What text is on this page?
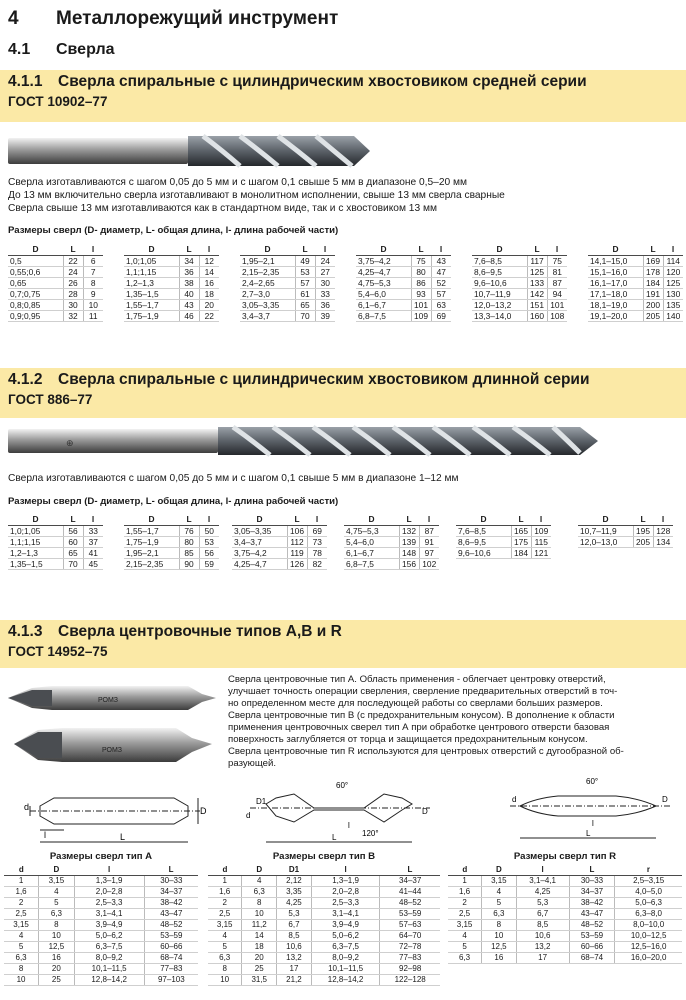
4 Металлорежущий инструмент
4.1 Сверла
4.1.1 Сверла спиральные с цилиндрическим хвостовиком средней серии
ГОСТ 10902–77
Сверла изготавливаются с шагом 0,05 до 5 мм и с шагом 0,1 свыше 5 мм в диапазоне 0,5–20 мм
До 13 мм включительно сверла изготавливают в монолитном исполнении, свыше 13 мм сверла сварные
Сверла свыше 13 мм изготавливаются как в стандартном виде, так и с хвостовиком 13 мм
Размеры сверл (D- диаметр, L- общая длина, l- длина рабочей части)
D	L	l
0,5	22	6
0,55;0,6	24	7
0,65	26	8
0,7;0,75	28	9
0,8;0,85	30	10
0,9;0,95	32	11
D	L	l
1,0;1,05	34	12
1,1;1,15	36	14
1,2–1,3	38	16
1,35–1,5	40	18
1,55–1,7	43	20
1,75–1,9	46	22
D	L	l
1,95–2,1	49	24
2,15–2,35	53	27
2,4–2,65	57	30
2,7–3,0	61	33
3,05–3,35	65	36
3,4–3,7	70	39
D	L	l
3,75–4,2	75	43
4,25–4,7	80	47
4,75–5,3	86	52
5,4–6,0	93	57
6,1–6,7	101	63
6,8–7,5	109	69
D	L	l
7,6–8,5	117	75
8,6–9,5	125	81
9,6–10,6	133	87
10,7–11,9	142	94
12,0–13,2	151	101
13,3–14,0	160	108
D	L	l
14,1–15,0	169	114
15,1–16,0	178	120
16,1–17,0	184	125
17,1–18,0	191	130
18,1–19,0	200	135
19,1–20,0	205	140
4.1.2 Сверла спиральные с цилиндрическим хвостовиком длинной серии
ГОСТ 886–77
⊕
Сверла изготавливаются с шагом 0,05 до 5 мм и с шагом 0,1 свыше 5 мм в диапазоне 1–12 мм
Размеры сверл (D- диаметр, L- общая длина, l- длина рабочей части)
D	L	l
1,0;1,05	56	33
1,1;1,15	60	37
1,2–1,3	65	41
1,35–1,5	70	45
D	L	l
1,55–1,7	76	50
1,75–1,9	80	53
1,95–2,1	85	56
2,15–2,35	90	59
D	L	l
3,05–3,35	106	69
3,4–3,7	112	73
3,75–4,2	119	78
4,25–4,7	126	82
D	L	l
4,75–5,3	132	87
5,4–6,0	139	91
6,1–6,7	148	97
6,8–7,5	156	102
D	L	l
7,6–8,5	165	109
8,6–9,5	175	115
9,6–10,6	184	121
D	L	l
10,7–11,9	195	128
12,0–13,0	205	134
4.1.3 Сверла центровочные типов А,В и R
ГОСТ 14952–75
РОМЗ
РОМЗ
Сверла центровочные тип А. Область применения - облегчает центровку отверстий,
улучшает точность операции сверления, сверление предварительных отверстий в точ-
но определенном месте для последующей работы со сверлами больших размеров.
Сверла центровочные тип В (с предохранительным конусом). В дополнение к области
применения центровочных сверел тип А при обработке центрового отверсти базовая
поверхность заглубляется от торца и защищается предохранительным конусом.
Сверла центровочные тип R используются для центровых отверстий с дугообразной об-
разующей.
d	D
l	L
D1
d	D
60°
120°
l
L
d	D
60°
l
L
Размеры сверл тип А	Размеры сверл тип В	Размеры сверл тип R
d	D	l	L
1	3,15	1,3–1,9	30–33
1,6	4	2,0–2,8	34–37
2	5	2,5–3,3	38–42
2,5	6,3	3,1–4,1	43–47
3,15	8	3,9–4,9	48–52
4	10	5,0–6,2	53–59
5	12,5	6,3–7,5	60–66
6,3	16	8,0–9,2	68–74
8	20	10,1–11,5	77–83
10	25	12,8–14,2	97–103
d	D	D1	l	L
1	4	2,12	1,3–1,9	34–37
1,6	6,3	3,35	2,0–2,8	41–44
2	8	4,25	2,5–3,3	48–52
2,5	10	5,3	3,1–4,1	53–59
3,15	11,2	6,7	3,9–4,9	57–63
4	14	8,5	5,0–6,2	64–70
5	18	10,6	6,3–7,5	72–78
6,3	20	13,2	8,0–9,2	77–83
8	25	17	10,1–11,5	92–98
10	31,5	21,2	12,8–14,2	122–128
d	D	l	L	r
1	3,15	3,1–4,1	30–33	2,5–3,15
1,6	4	4,25	34–37	4,0–5,0
2	5	5,3	38–42	5,0–6,3
2,5	6,3	6,7	43–47	6,3–8,0
3,15	8	8,5	48–52	8,0–10,0
4	10	10,6	53–59	10,0–12,5
5	12,5	13,2	60–66	12,5–16,0
6,3	16	17	68–74	16,0–20,0
